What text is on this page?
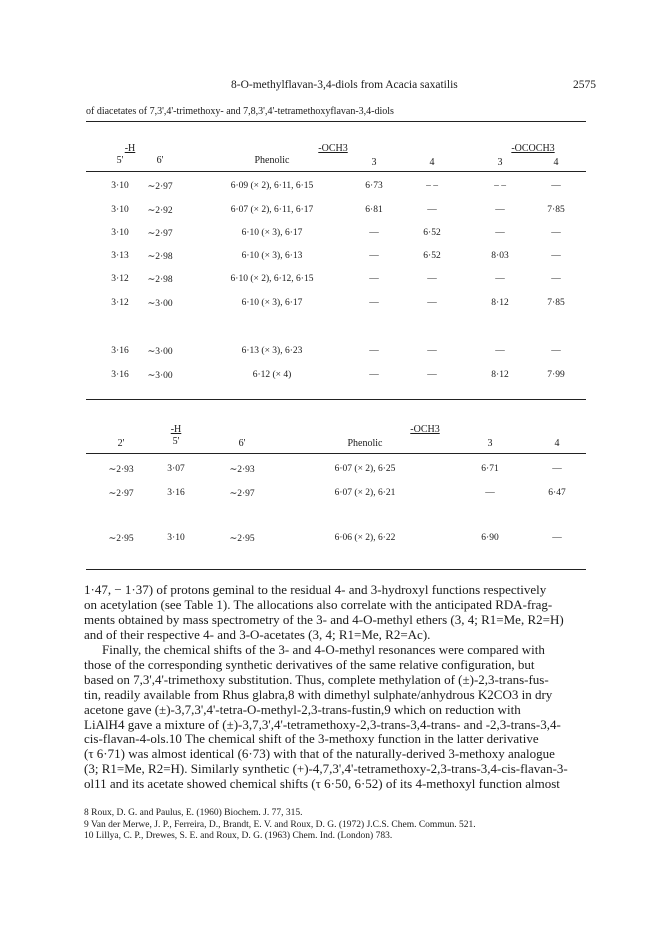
8-O-methylflavan-3,4-diols from Acacia saxatilis	2575
of diacetates of 7,3',4'-trimethoxy- and 7,8,3',4'-tetramethoxyflavan-3,4-diols
-H	-OCH3	-OCOCH3
5'	6'	Phenolic	3	4	3	4
3·10 ∼2·97	6·09 (× 2), 6·11, 6·15	6·73	– –	– –	—
3·10 ∼2·92	6·07 (× 2), 6·11, 6·17	6·81	—	—	7·85
3·10 ∼2·97	6·10 (× 3), 6·17	—	6·52	—	—
3·13 ∼2·98	6·10 (× 3), 6·13	—	6·52	8·03	—
3·12 ∼2·98	6·10 (× 2), 6·12, 6·15	—	—	—	—
3·12 ∼3·00	6·10 (× 3), 6·17	—	—	8·12	7·85
3·16 ∼3·00	6·13 (× 3), 6·23	—	—	—	—
3·16 ∼3·00	6·12 (× 4)	—	—	8·12	7·99
-H	-OCH3
2'	5'	6'	Phenolic	3	4
∼2·93	3·07	∼2·93	6·07 (× 2), 6·25	6·71	—
∼2·97	3·16	∼2·97	6·07 (× 2), 6·21	—	6·47
∼2·95	3·10	∼2·95	6·06 (× 2), 6·22	6·90	—
1·47, − 1·37) of protons geminal to the residual 4- and 3-hydroxyl functions respectively
on acetylation (see Table 1). The allocations also correlate with the anticipated RDA-frag-
ments obtained by mass spectrometry of the 3- and 4-O-methyl ethers (3, 4; R1=Me, R2=H)
and of their respective 4- and 3-O-acetates (3, 4; R1=Me, R2=Ac).
Finally, the chemical shifts of the 3- and 4-O-methyl resonances were compared with
those of the corresponding synthetic derivatives of the same relative configuration, but
based on 7,3',4'-trimethoxy substitution. Thus, complete methylation of (±)-2,3-trans-fus-
tin, readily available from Rhus glabra,8 with dimethyl sulphate/anhydrous K2CO3 in dry
acetone gave (±)-3,7,3',4'-tetra-O-methyl-2,3-trans-fustin,9 which on reduction with
LiAlH4 gave a mixture of (±)-3,7,3',4'-tetramethoxy-2,3-trans-3,4-trans- and -2,3-trans-3,4-
cis-flavan-4-ols.10 The chemical shift of the 3-methoxy function in the latter derivative
(τ 6·71) was almost identical (6·73) with that of the naturally-derived 3-methoxy analogue
(3; R1=Me, R2=H). Similarly synthetic (+)-4,7,3',4'-tetramethoxy-2,3-trans-3,4-cis-flavan-3-
ol11 and its acetate showed chemical shifts (τ 6·50, 6·52) of its 4-methoxyl function almost
8 Roux, D. G. and Paulus, E. (1960) Biochem. J. 77, 315.
9 Van der Merwe, J. P., Ferreira, D., Brandt, E. V. and Roux, D. G. (1972) J.C.S. Chem. Commun. 521.
10 Lillya, C. P., Drewes, S. E. and Roux, D. G. (1963) Chem. Ind. (London) 783.
